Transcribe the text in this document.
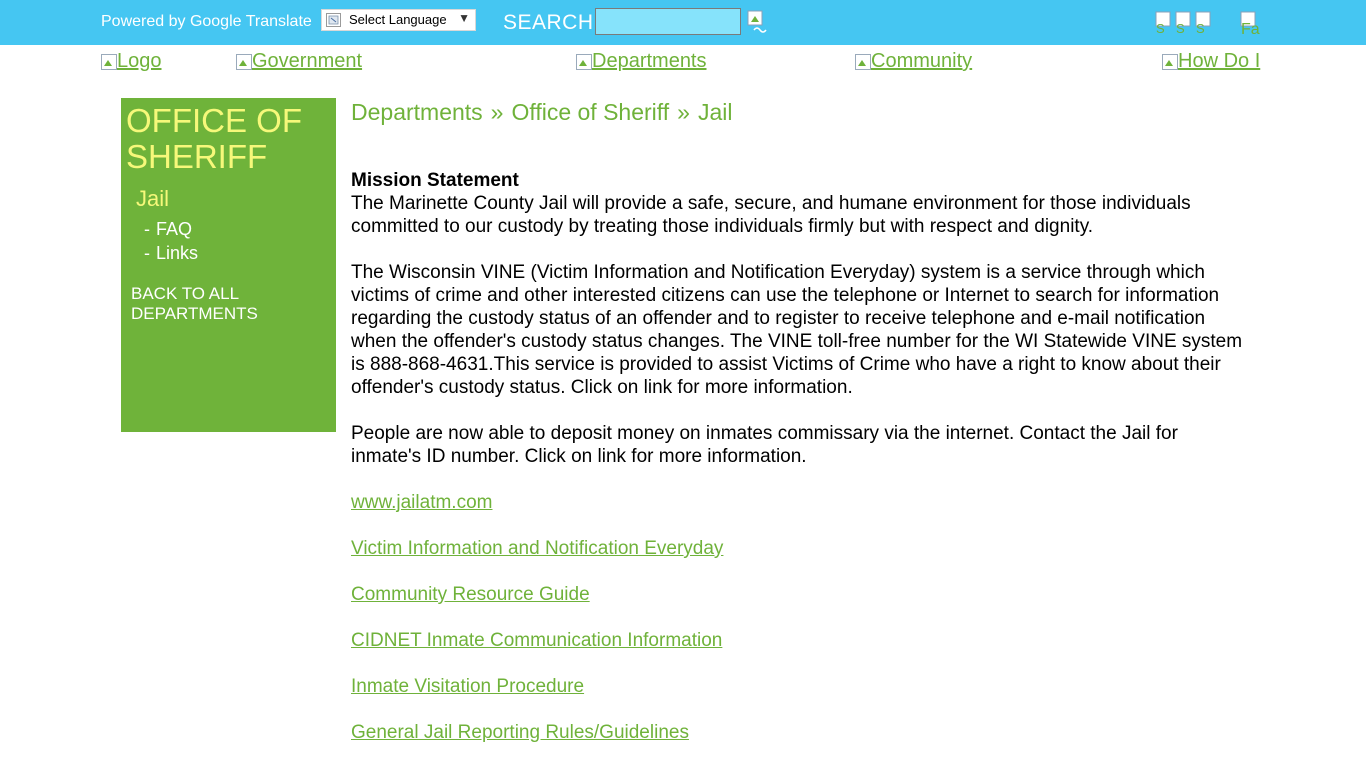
Powered by Google Translate	Select Language ▼ SEARCH	S S S Fa
Logo	Government	Departments	Community	How Do I
OFFICE OF SHERIFF
Jail
- FAQ
- Links
BACK TO ALL DEPARTMENTS
Departments » Office of Sheriff » Jail

Mission Statement
The Marinette County Jail will provide a safe, secure, and humane environment for those individuals committed to our custody by treating those individuals firmly but with respect and dignity.

The Wisconsin VINE (Victim Information and Notification Everyday) system is a service through which victims of crime and other interested citizens can use the telephone or Internet to search for information regarding the custody status of an offender and to register to receive telephone and e-mail notification when the offender's custody status changes. The VINE toll-free number for the WI Statewide VINE system is 888-868-4631.This service is provided to assist Victims of Crime who have a right to know about their offender's custody status. Click on link for more information.

People are now able to deposit money on inmates commissary via the internet. Contact the Jail for inmate's ID number. Click on link for more information.

www.jailatm.com

Victim Information and Notification Everyday

Community Resource Guide

CIDNET Inmate Communication Information

Inmate Visitation Procedure

General Jail Reporting Rules/Guidelines
